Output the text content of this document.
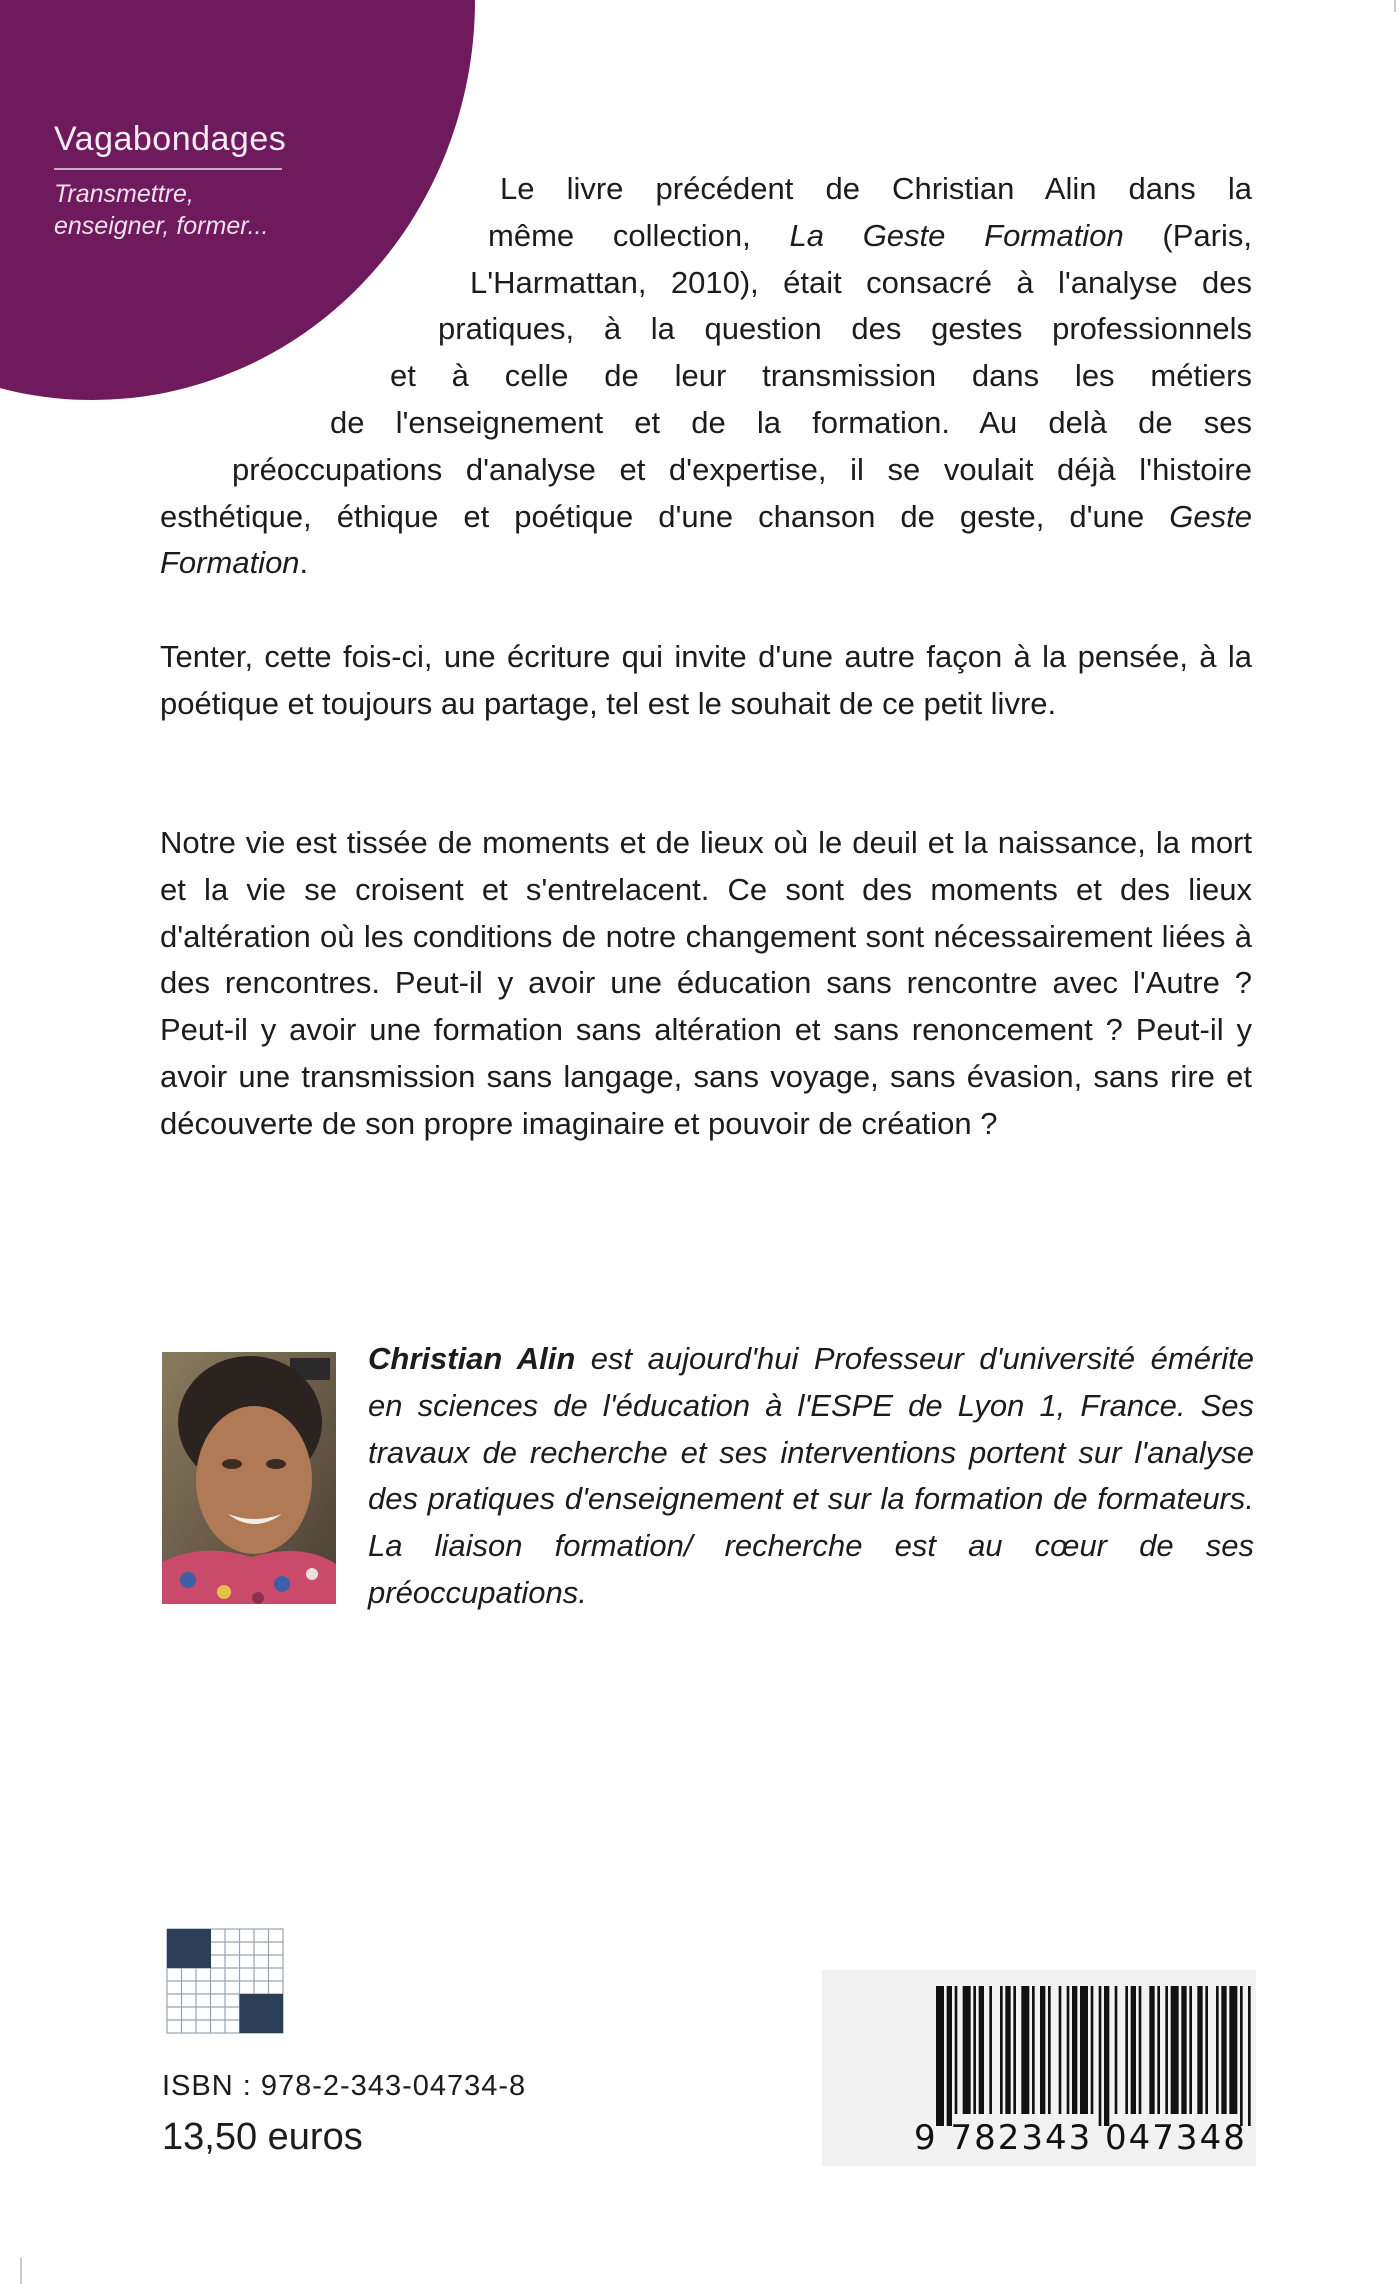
Vagabondages
Transmettre,
enseigner, former...
Le livre précédent de Christian Alin dans la
même collection, La Geste Formation (Paris,
L'Harmattan, 2010), était consacré à l'analyse des
pratiques, à la question des gestes professionnels
et à celle de leur transmission dans les métiers
de l'enseignement et de la formation. Au delà de ses
préoccupations d'analyse et d'expertise, il se voulait déjà l'histoire
esthétique, éthique et poétique d'une chanson de geste, d'une Geste
Formation.

Tenter, cette fois-ci, une écriture qui invite d'une autre façon à la pensée, à la poétique et toujours au partage, tel est le souhait de ce petit livre.

Notre vie est tissée de moments et de lieux où le deuil et la naissance, la mort et la vie se croisent et s'entrelacent. Ce sont des moments et des lieux d'altération où les conditions de notre changement sont nécessairement liées à des rencontres. Peut-il y avoir une éducation sans rencontre avec l'Autre ? Peut-il y avoir une formation sans altération et sans renoncement ? Peut-il y avoir une transmission sans langage, sans voyage, sans évasion, sans rire et découverte de son propre imaginaire et pouvoir de création ?

Christian Alin est aujourd'hui Professeur d'université émérite en sciences de l'éducation à l'ESPE de Lyon 1, France. Ses travaux de recherche et ses interventions portent sur l'analyse des pratiques d'enseignement et sur la formation de formateurs. La liaison formation/ recherche est au cœur de ses préoccupations.
ISBN : 978-2-343-04734-8
13,50 euros	9 782343 047348
